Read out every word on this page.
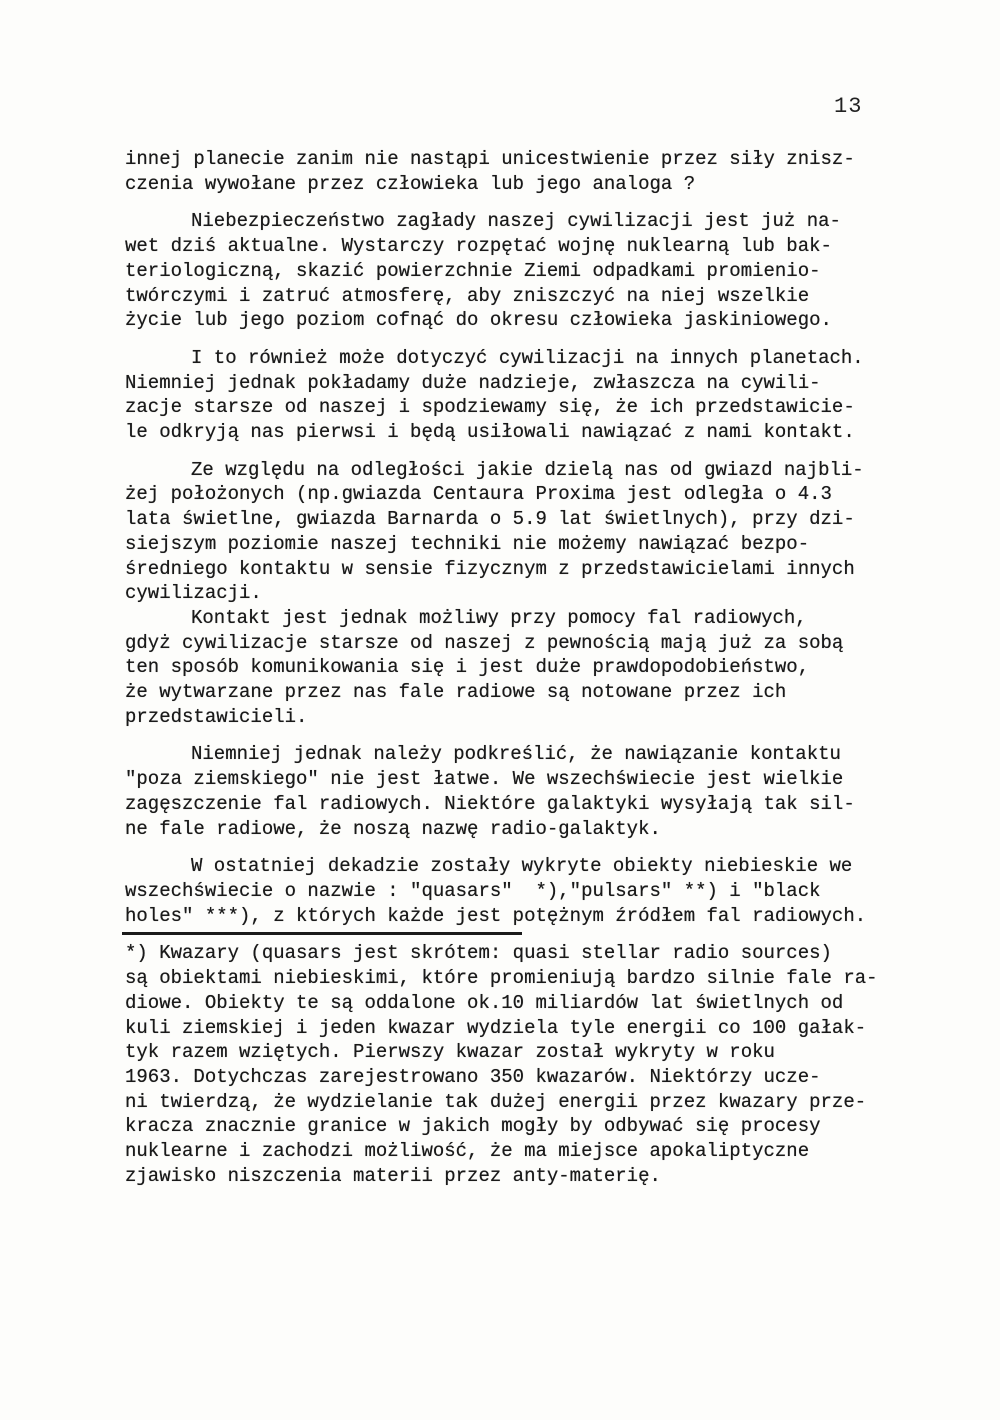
13

innej planecie zanim nie nastąpi unicestwienie przez siły znisz-
czenia wywołane przez człowieka lub jego analoga ?

Niebezpieczeństwo zagłady naszej cywilizacji jest już na-
wet dziś aktualne. Wystarczy rozpętać wojnę nuklearną lub bak-
teriologiczną, skazić powierzchnie Ziemi odpadkami promienio-
twórczymi i zatruć atmosferę, aby zniszczyć na niej wszelkie
życie lub jego poziom cofnąć do okresu człowieka jaskiniowego.

I to również może dotyczyć cywilizacji na innych planetach.
Niemniej jednak pokładamy duże nadzieje, zwłaszcza na cywili-
zacje starsze od naszej i spodziewamy się, że ich przedstawicie-
le odkryją nas pierwsi i będą usiłowali nawiązać z nami kontakt.

Ze względu na odległości jakie dzielą nas od gwiazd najbli-
żej położonych (np.gwiazda Centaura Proxima jest odległa o 4.3
lata świetlne, gwiazda Barnarda o 5.9 lat świetlnych), przy dzi-
siejszym poziomie naszej techniki nie możemy nawiązać bezpo-
średniego kontaktu w sensie fizycznym z przedstawicielami innych
cywilizacji.

Kontakt jest jednak możliwy przy pomocy fal radiowych,
gdyż cywilizacje starsze od naszej z pewnością mają już za sobą
ten sposób komunikowania się i jest duże prawdopodobieństwo,
że wytwarzane przez nas fale radiowe są notowane przez ich
przedstawicieli.

Niemniej jednak należy podkreślić, że nawiązanie kontaktu
"poza ziemskiego" nie jest łatwe. We wszechświecie jest wielkie
zagęszczenie fal radiowych. Niektóre galaktyki wysyłają tak sil-
ne fale radiowe, że noszą nazwę radio-galaktyk.

W ostatniej dekadzie zostały wykryte obiekty niebieskie we
wszechświecie o nazwie : "quasars"  *),"pulsars" **) i "black
holes" ***), z których każde jest potężnym źródłem fal radiowych.

*) Kwazary (quasars jest skrótem: quasi stellar radio sources)
są obiektami niebieskimi, które promieniują bardzo silnie fale ra-
diowe. Obiekty te są oddalone ok.10 miliardów lat świetlnych od
kuli ziemskiej i jeden kwazar wydziela tyle energii co 100 gałak-
tyk razem wziętych. Pierwszy kwazar został wykryty w roku
1963. Dotychczas zarejestrowano 350 kwazarów. Niektórzy ucze-
ni twierdzą, że wydzielanie tak dużej energii przez kwazary prze-
kracza znacznie granice w jakich mogły by odbywać się procesy
nuklearne i zachodzi możliwość, że ma miejsce apokaliptyczne
zjawisko niszczenia materii przez anty-materię.
